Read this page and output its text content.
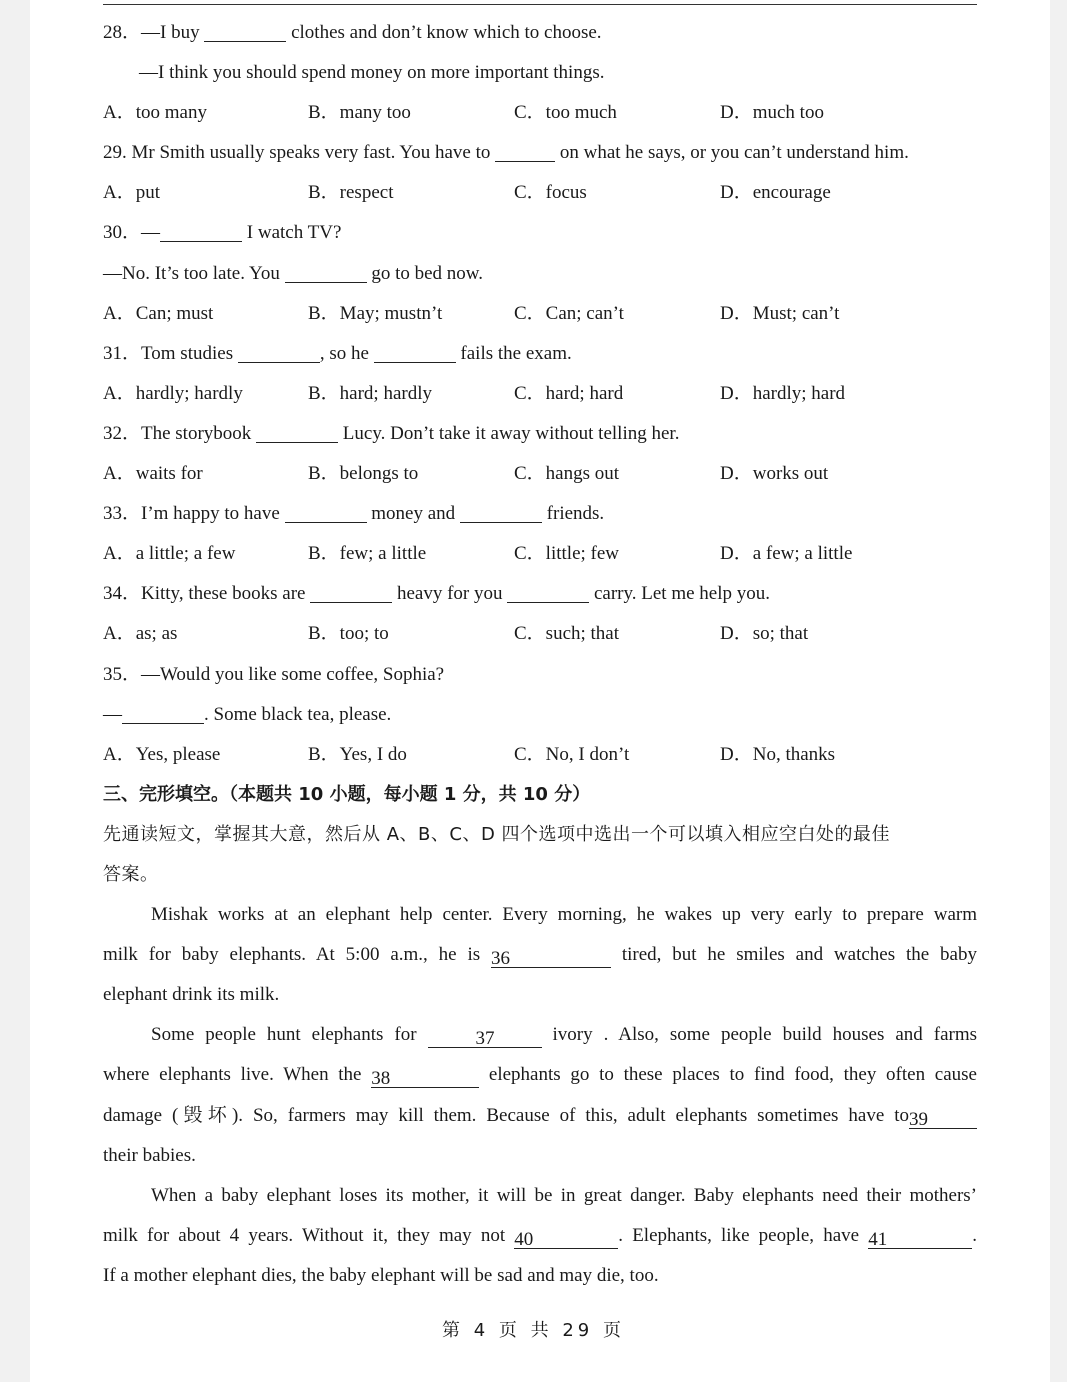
28．—I buy	clothes and don’t know which to choose.
—I think you should spend money on more important things.
A．too many	B．many too	C．too much	D．much too
29. Mr Smith usually speaks very fast. You have to	on what he says, or you can’t understand him.
A．put	B．respect	C．focus	D．encourage
30．—	I watch TV?
—No. It’s too late. You	go to bed now.
A．Can; must	B．May; mustn’t	C．Can; can’t	D．Must; can’t
31．Tom studies	, so he	fails the exam.
A．hardly; hardly	B．hard; hardly	C．hard; hard	D．hardly; hard
32．The storybook	Lucy. Don’t take it away without telling her.
A．waits for	B．belongs to	C．hangs out	D．works out
33．I’m happy to have	money and	friends.
A．a little; a few	B．few; a little	C．little; few	D．a few; a little
34．Kitty, these books are	heavy for you	carry. Let me help you.
A．as; as	B．too; to	C．such; that	D．so; that
35．—Would you like some coffee, Sophia?
—	. Some black tea, please.
A．Yes, please	B．Yes, I do	C．No, I don’t	D．No, thanks
三、完形填空。（本题共 10 小题，每小题 1 分，共 10 分）
先通读短文，掌握其大意，然后从 A、B、C、D 四个选项中选出一个可以填入相应空白处的最佳
答案。
Mishak works at an elephant help center. Every morning, he wakes up very early to prepare warm
milk for baby elephants. At 5:00 a.m., he is 36	tired, but he smiles and watches the baby
elephant drink its milk.
Some people hunt elephants for	37 ivory . Also, some people build houses and farms
where elephants live. When the 38	elephants go to these places to find food, they often cause
damage (毁坏). So, farmers may kill them. Because of this, adult elephants sometimes have to39
their babies.
When a baby elephant loses its mother, it will be in great danger. Baby elephants need their mothers’
milk for about 4 years. Without it, they may not 40	. Elephants, like people, have 41	.
If a mother elephant dies, the baby elephant will be sad and may die, too.
第 4 页 共 29 页
